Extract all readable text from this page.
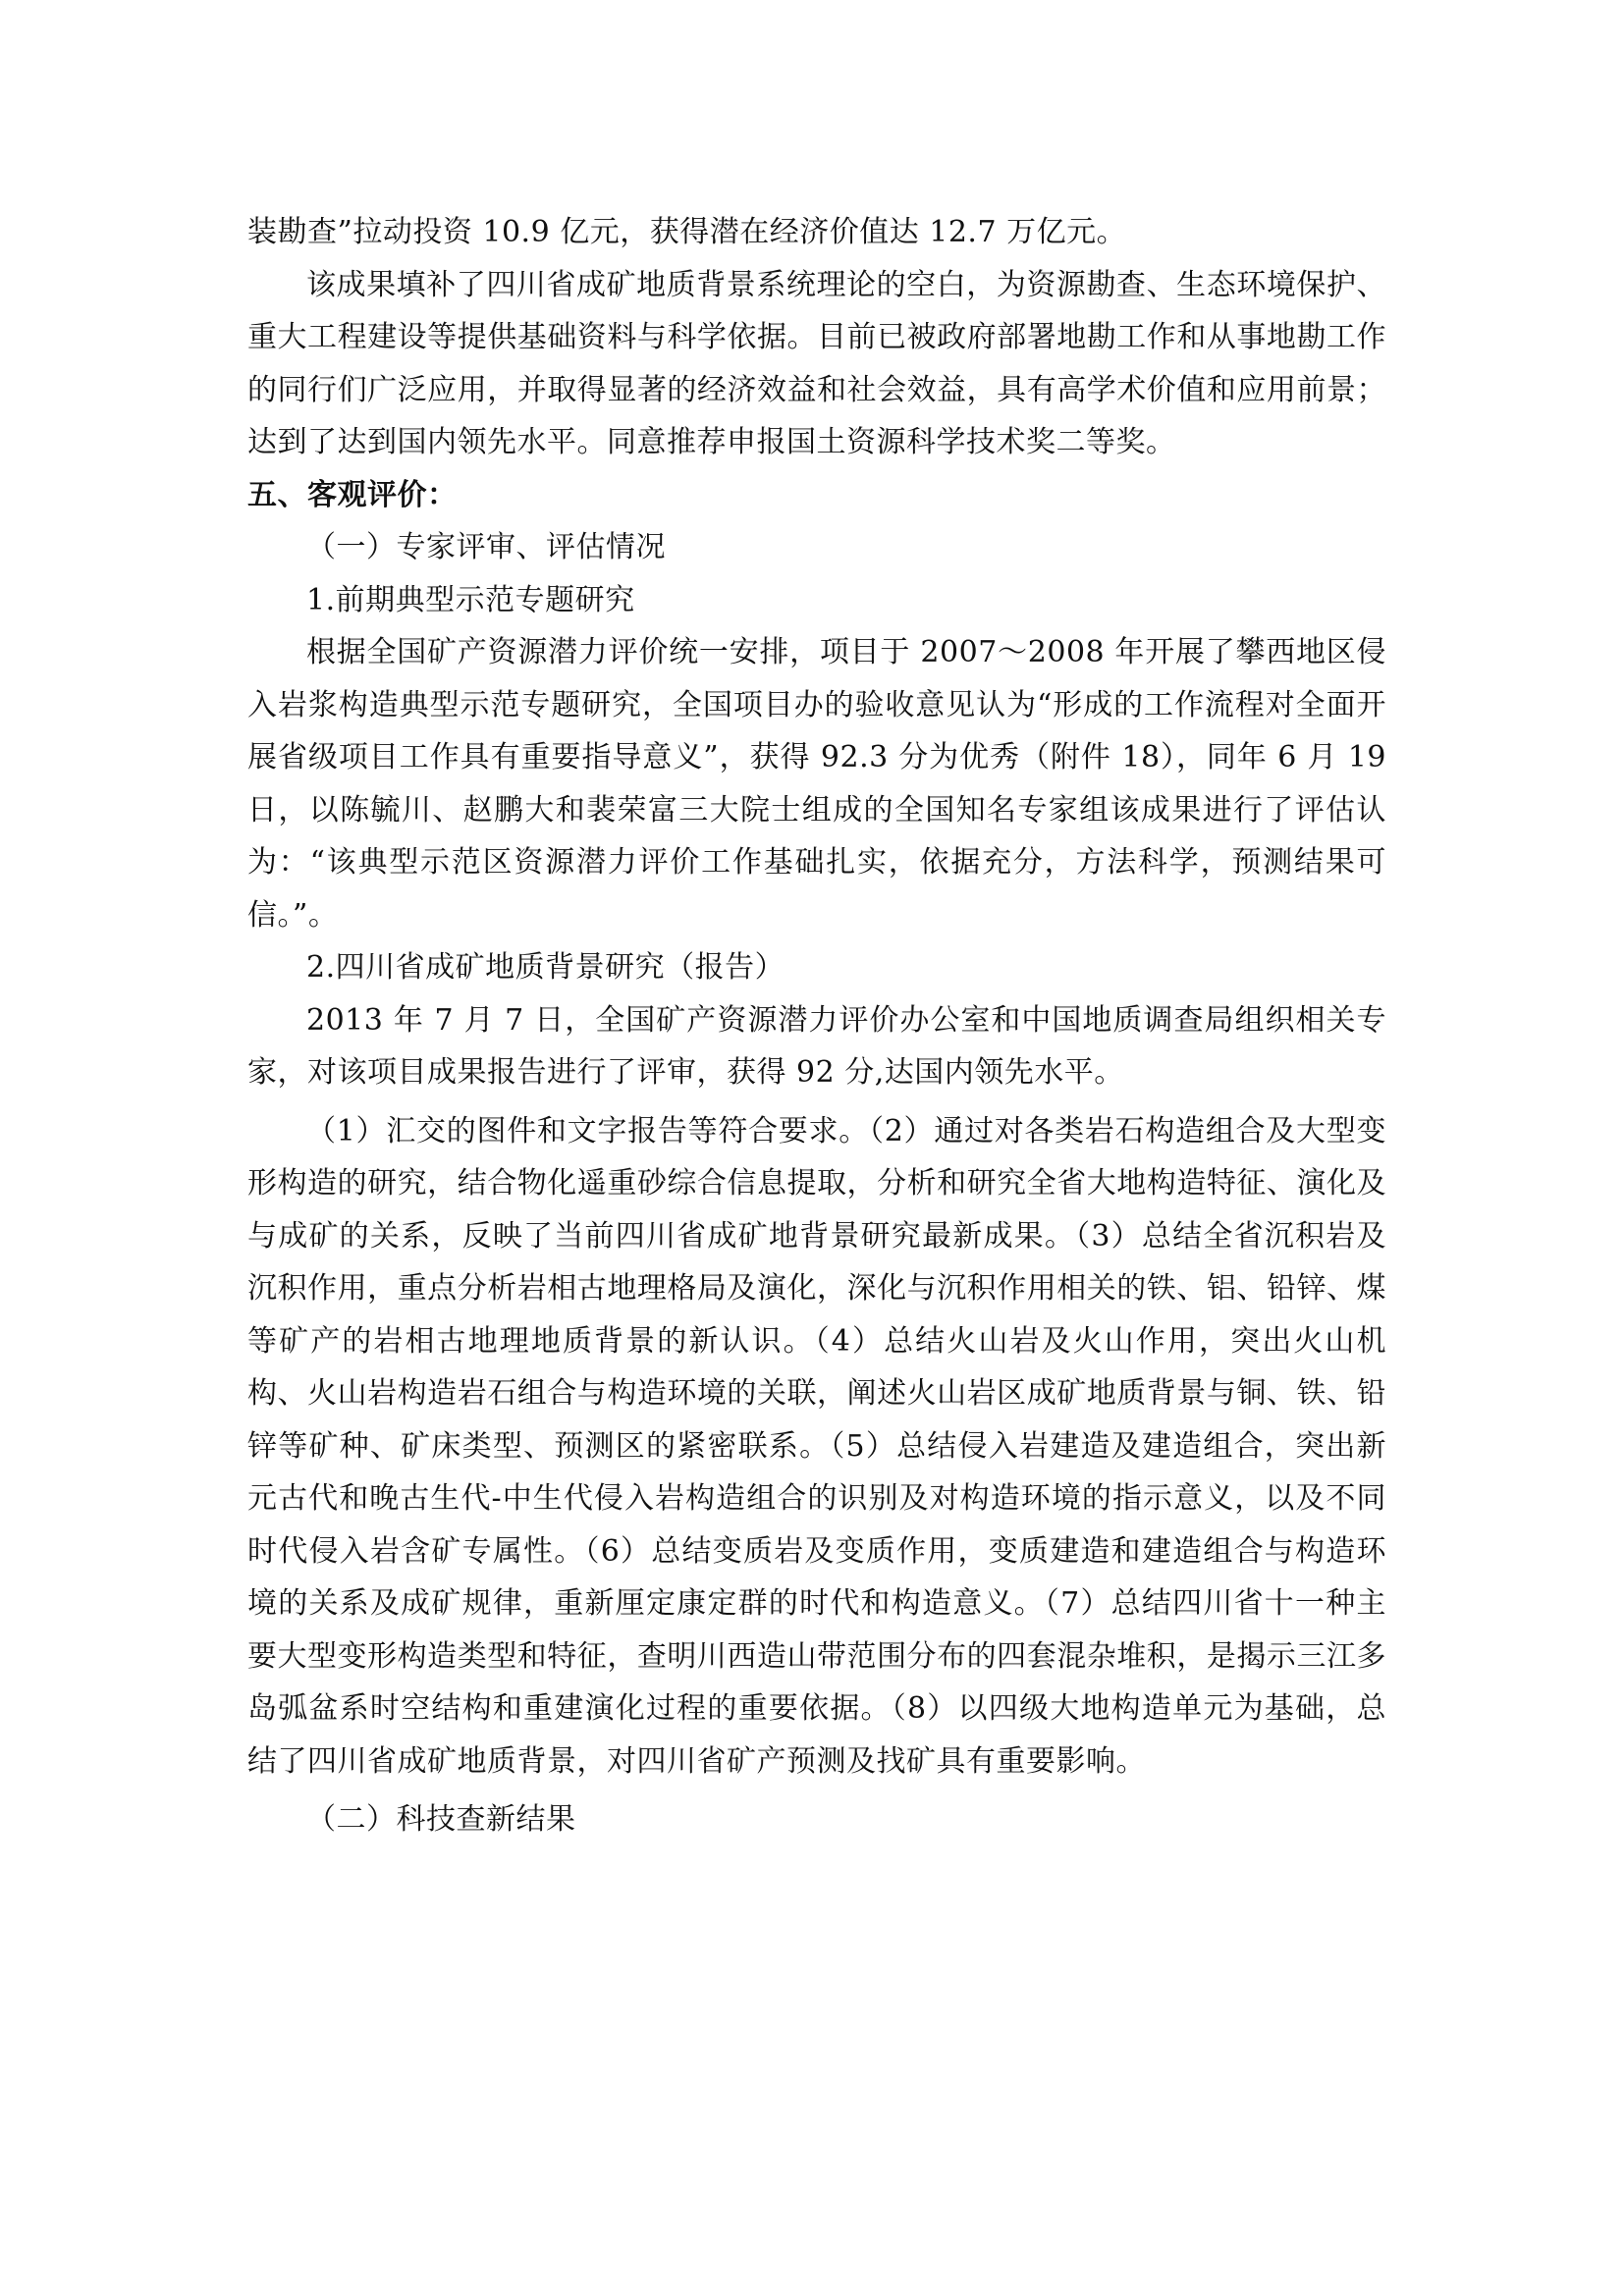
装勘查”拉动投资 10.9 亿元，获得潜在经济价值达 12.7 万亿元。

该成果填补了四川省成矿地质背景系统理论的空白，为资源勘查、生态环境保护、重大工程建设等提供基础资料与科学依据。目前已被政府部署地勘工作和从事地勘工作的同行们广泛应用，并取得显著的经济效益和社会效益，具有高学术价值和应用前景；达到了达到国内领先水平。同意推荐申报国土资源科学技术奖二等奖。

五、客观评价：

（一）专家评审、评估情况

1.前期典型示范专题研究

根据全国矿产资源潜力评价统一安排，项目于 2007～2008 年开展了攀西地区侵入岩浆构造典型示范专题研究，全国项目办的验收意见认为“形成的工作流程对全面开展省级项目工作具有重要指导意义”，获得 92.3 分为优秀（附件 18），同年 6 月 19 日，以陈毓川、赵鹏大和裴荣富三大院士组成的全国知名专家组该成果进行了评估认为：“该典型示范区资源潜力评价工作基础扎实，依据充分，方法科学，预测结果可信。”。

2.四川省成矿地质背景研究（报告）

2013 年 7 月 7 日，全国矿产资源潜力评价办公室和中国地质调查局组织相关专家，对该项目成果报告进行了评审，获得 92 分,达国内领先水平。

（1）汇交的图件和文字报告等符合要求。（2）通过对各类岩石构造组合及大型变形构造的研究，结合物化遥重砂综合信息提取，分析和研究全省大地构造特征、演化及与成矿的关系，反映了当前四川省成矿地背景研究最新成果。（3）总结全省沉积岩及沉积作用，重点分析岩相古地理格局及演化，深化与沉积作用相关的铁、铝、铅锌、煤等矿产的岩相古地理地质背景的新认识。（4）总结火山岩及火山作用，突出火山机构、火山岩构造岩石组合与构造环境的关联，阐述火山岩区成矿地质背景与铜、铁、铅锌等矿种、矿床类型、预测区的紧密联系。（5）总结侵入岩建造及建造组合，突出新元古代和晚古生代-中生代侵入岩构造组合的识别及对构造环境的指示意义，以及不同时代侵入岩含矿专属性。（6）总结变质岩及变质作用，变质建造和建造组合与构造环境的关系及成矿规律，重新厘定康定群的时代和构造意义。（7）总结四川省十一种主要大型变形构造类型和特征，查明川西造山带范围分布的四套混杂堆积，是揭示三江多岛弧盆系时空结构和重建演化过程的重要依据。（8）以四级大地构造单元为基础，总结了四川省成矿地质背景，对四川省矿产预测及找矿具有重要影响。

（二）科技查新结果
